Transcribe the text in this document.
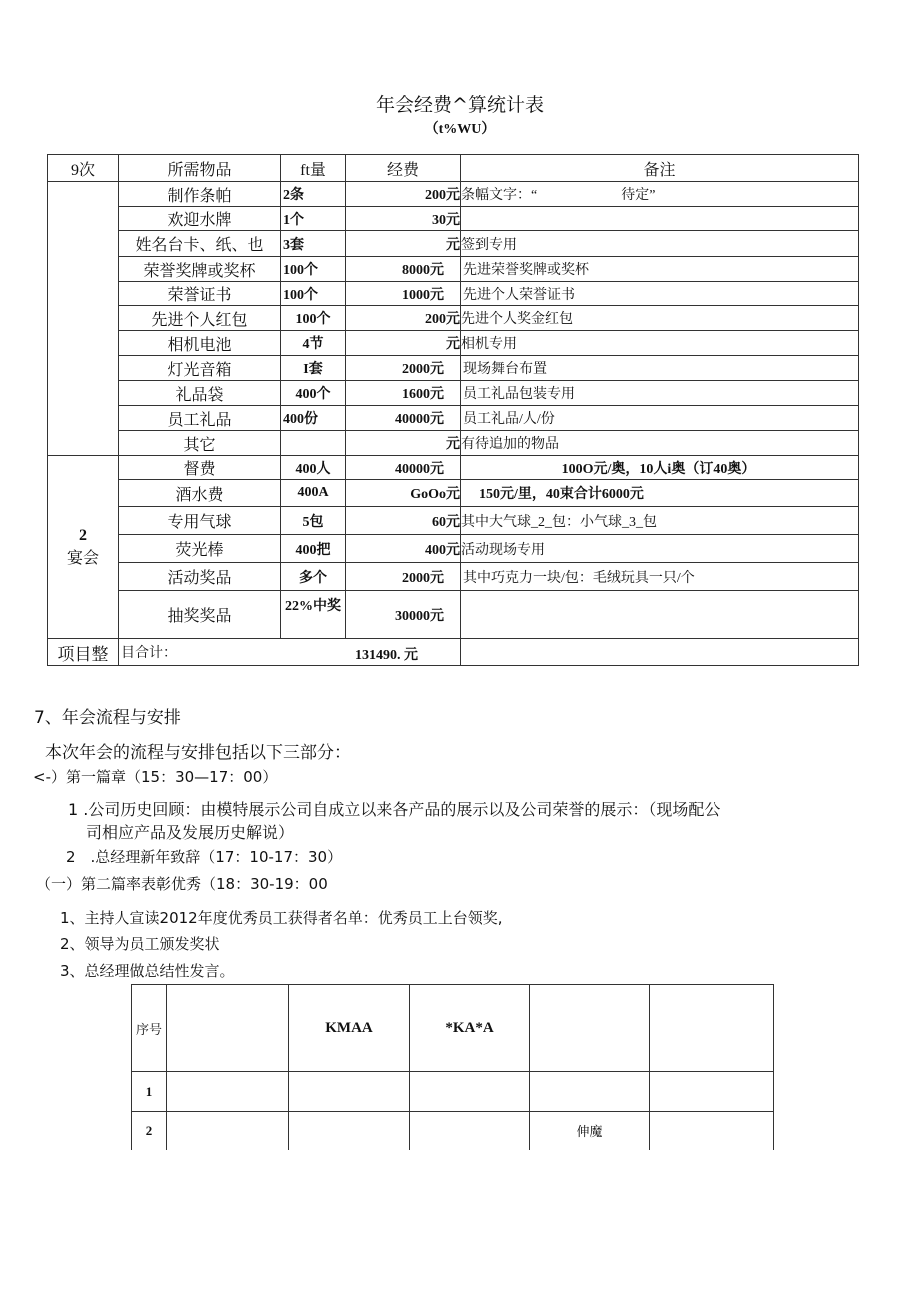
年会经费^算统计表
（t%WU）
9次	所需物品	ft量	经费	备注
	制作条帕	2条	200元	条幅文字：“　　　　　　待定”
	欢迎水牌	1个	30元	
	姓名台卡、纸、也	3套	元	签到专用
	荣誉奖牌或奖杯	100个	8000元	先进荣誉奖牌或奖杯
	荣誉证书	100个	1000元	先进个人荣誉证书
	先进个人红包	100个	200元	先进个人奖金红包
	相机电池	4节	元	相机专用
	灯光音箱	I套	2000元	现场舞台布置
	礼品袋	400个	1600元	员工礼品包装专用
	员工礼品	400份	40000元	员工礼品/人/份
	其它		元	有待追加的物品

2
宴会	督费	400人	40000元	100O元/奥，10人i奥（订40奥）
	酒水费	400A	GoOo元	150元/里，40束合计6000元
	专用气球	5包	60元	其中大气球_2_包：小气球_3_包
	荧光棒	400把	400元	活动现场专用
	活动奖品	多个	2000元	其中巧克力一块/包：毛绒玩具一只/个
	抽奖奖品	22%中奖	30000元	
项目整	目合计： 131490. 元			

7、年会流程与安排
本次年会的流程与安排包括以下三部分：
<-）第一篇章（15：30—17：00）
1 .公司历史回顾：由模特展示公司自成立以来各产品的展示以及公司荣誉的展示：（现场配公
司相应产品及发展历史解说）
2　.总经理新年致辞（17：10-17：30）
（一）第二篇率表彰优秀（18：30-19：00
1、主持人宣读2012年度优秀员工获得者名单：优秀员工上台领奖,
2、领导为员工颁发奖状
3、总经理做总结性发言。
序号		KMAA	*KA*A		
1					
2				伸魔	
